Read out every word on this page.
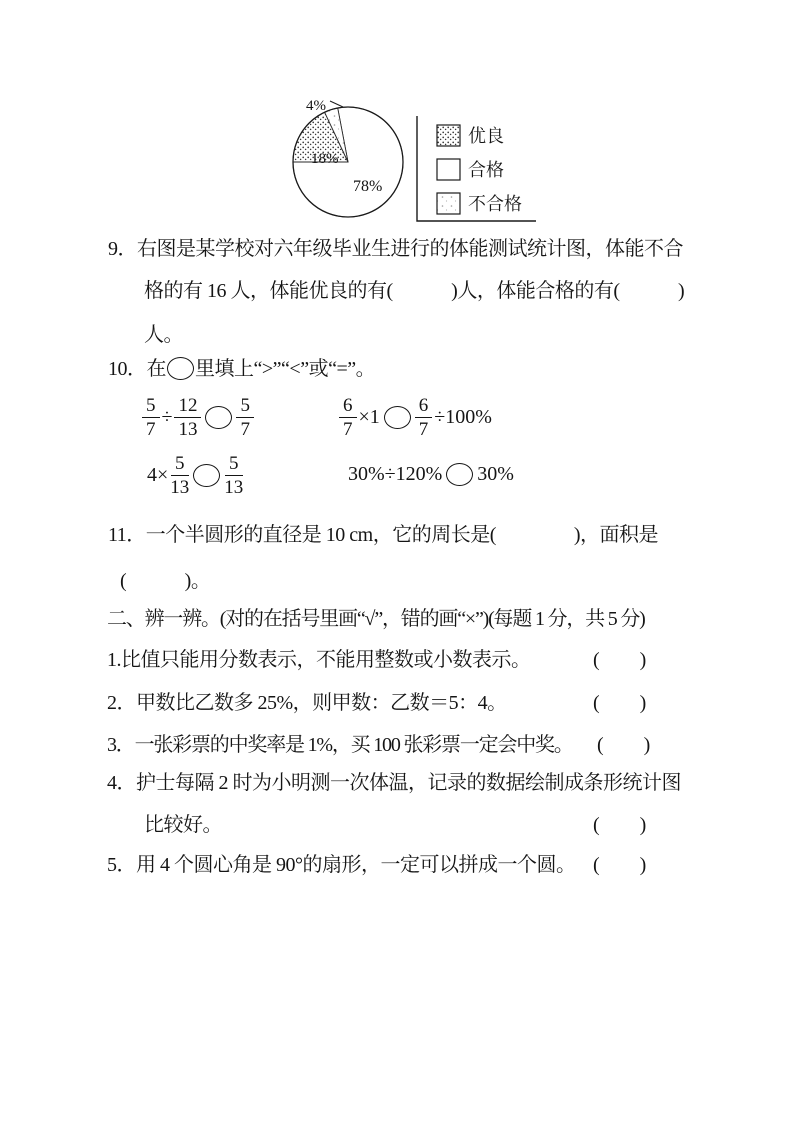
4%
18%
78%
优良
合格
不合格
9．右图是某学校对六年级毕业生进行的体能测试统计图，体能不合
格的有 16 人，体能优良的有(　　　)人，体能合格的有(　　　)
人。
10．在 里填上“>”“<”或“=”。
$\frac{5}{7} \div \frac{12}{13} \frac{5}{7}$	$\frac{6}{7} \times 1 \frac{6}{7} \div 100\%$
$4\times \frac{5}{13} \frac{5}{13}$	30%÷120% 30%
11．一个半圆形的直径是 10 cm，它的周长是(　　　　)，面积是
(　　　)。
二、辨一辨。(对的在括号里画“√”，错的画“×”)(每题 1 分，共 5 分)
1.比值只能用分数表示，不能用整数或小数表示。	(　　)
2．甲数比乙数多 25%，则甲数：乙数＝5：4。	(　　)
3．一张彩票的中奖率是 1%，买 100 张彩票一定会中奖。 (　　)
4．护士每隔 2 时为小明测一次体温，记录的数据绘制成条形统计图
比较好。	(　　)
5．用 4 个圆心角是 90°的扇形，一定可以拼成一个圆。 (　　)
